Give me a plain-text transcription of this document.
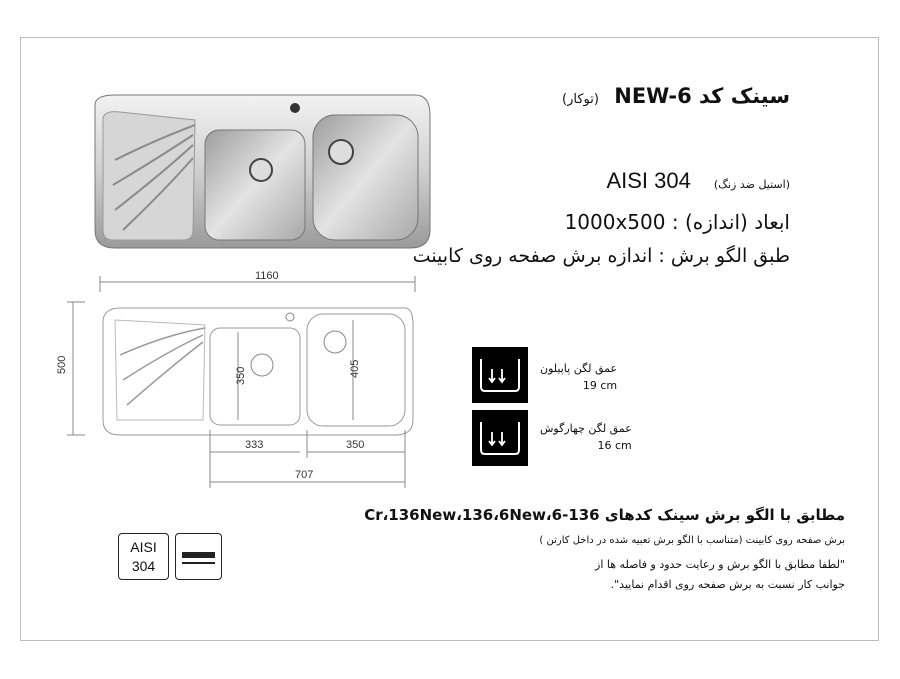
1160
500
350	405
333	350
707
سینک کد NEW-6 (توکار)
(استیل ضد زنگ) AISI 304
1000x500 : ابعاد (اندازه)
طبق الگو برش : اندازه برش صفحه روی کابینت
عمق لگن پاپیلون
19 cm
عمق لگن چهارگوش
16 cm
مطابق با الگو برش سینک کدهای 136-Cr،136New،136،6New،6
برش صفحه روی کابینت (متناسب با الگو برش تعبیه شده در داخل کارتن )
"لطفا مطابق با الگو برش و رعایت حدود و فاصله ها از
جوانب کار نسبت به برش صفحه روی اقدام نمایید".
AISI
304
